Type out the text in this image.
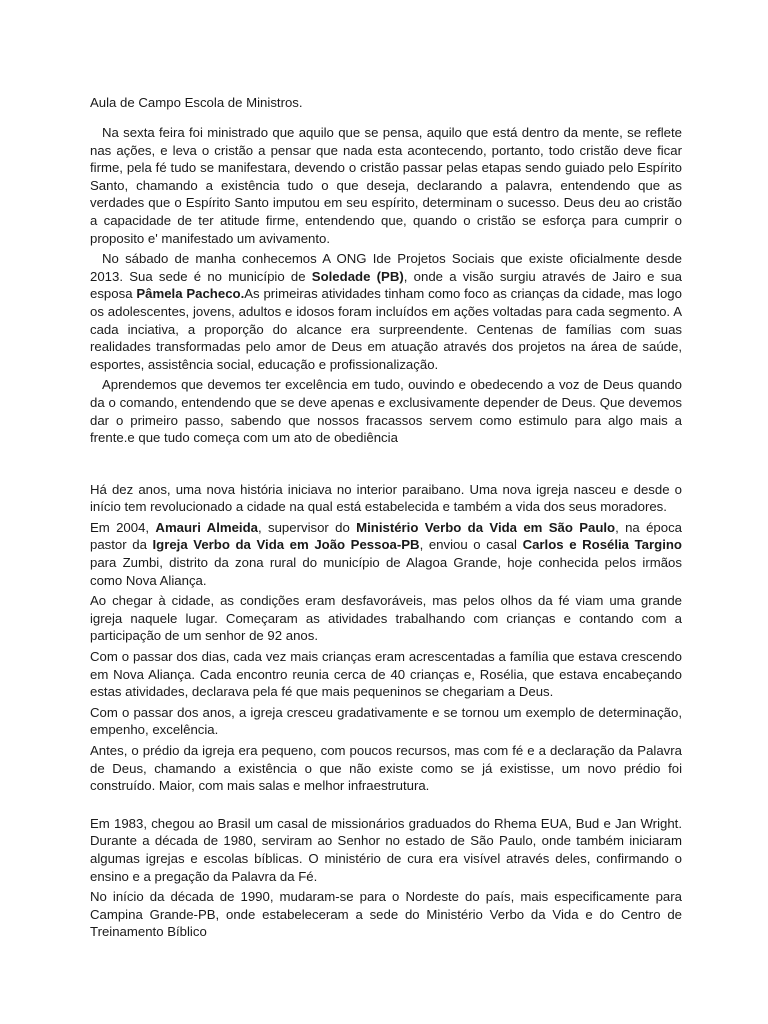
Aula de Campo Escola de Ministros.

Na sexta feira foi ministrado que aquilo que se pensa, aquilo que está dentro da mente, se reflete nas ações, e leva o cristão a pensar que nada esta acontecendo, portanto, todo cristão deve ficar firme, pela fé tudo se manifestara, devendo o cristão passar pelas etapas sendo guiado pelo Espírito Santo, chamando a existência tudo o que deseja, declarando a palavra, entendendo que as verdades que o Espírito Santo imputou em seu espírito, determinam o sucesso. Deus deu ao cristão a capacidade de ter atitude firme, entendendo que, quando o cristão se esforça para cumprir o proposito e' manifestado um avivamento.

No sábado de manha conhecemos A ONG Ide Projetos Sociais que existe oficialmente desde 2013. Sua sede é no município de Soledade (PB), onde a visão surgiu através de Jairo e sua esposa Pâmela Pacheco.As primeiras atividades tinham como foco as crianças da cidade, mas logo os adolescentes, jovens, adultos e idosos foram incluídos em ações voltadas para cada segmento. A cada inciativa, a proporção do alcance era surpreendente. Centenas de famílias com suas realidades transformadas pelo amor de Deus em atuação através dos projetos na área de saúde, esportes, assistência social, educação e profissionalização.

Aprendemos que devemos ter excelência em tudo, ouvindo e obedecendo a voz de Deus quando da o comando, entendendo que se deve apenas e exclusivamente depender de Deus. Que devemos dar o primeiro passo, sabendo que nossos fracassos servem como estimulo para algo mais a frente.e que tudo começa com um ato de obediência

Há dez anos, uma nova história iniciava no interior paraibano. Uma nova igreja nasceu e desde o início tem revolucionado a cidade na qual está estabelecida e também a vida dos seus moradores.

Em 2004, Amauri Almeida, supervisor do Ministério Verbo da Vida em São Paulo, na época pastor da Igreja Verbo da Vida em João Pessoa-PB, enviou o casal Carlos e Rosélia Targino para Zumbi, distrito da zona rural do município de Alagoa Grande, hoje conhecida pelos irmãos como Nova Aliança.

Ao chegar à cidade, as condições eram desfavoráveis, mas pelos olhos da fé viam uma grande igreja naquele lugar. Começaram as atividades trabalhando com crianças e contando com a participação de um senhor de 92 anos.

Com o passar dos dias, cada vez mais crianças eram acrescentadas a família que estava crescendo em Nova Aliança. Cada encontro reunia cerca de 40 crianças e, Rosélia, que estava encabeçando estas atividades, declarava pela fé que mais pequeninos se chegariam a Deus.

Com o passar dos anos, a igreja cresceu gradativamente e se tornou um exemplo de determinação, empenho, excelência.

Antes, o prédio da igreja era pequeno, com poucos recursos, mas com fé e a declaração da Palavra de Deus, chamando a existência o que não existe como se já existisse, um novo prédio foi construído. Maior, com mais salas e melhor infraestrutura.

Em 1983, chegou ao Brasil um casal de missionários graduados do Rhema EUA, Bud e Jan Wright. Durante a década de 1980, serviram ao Senhor no estado de São Paulo, onde também iniciaram algumas igrejas e escolas bíblicas. O ministério de cura era visível através deles, confirmando o ensino e a pregação da Palavra da Fé.

No início da década de 1990, mudaram-se para o Nordeste do país, mais especificamente para Campina Grande-PB, onde estabeleceram a sede do Ministério Verbo da Vida e do Centro de Treinamento Bíblico
